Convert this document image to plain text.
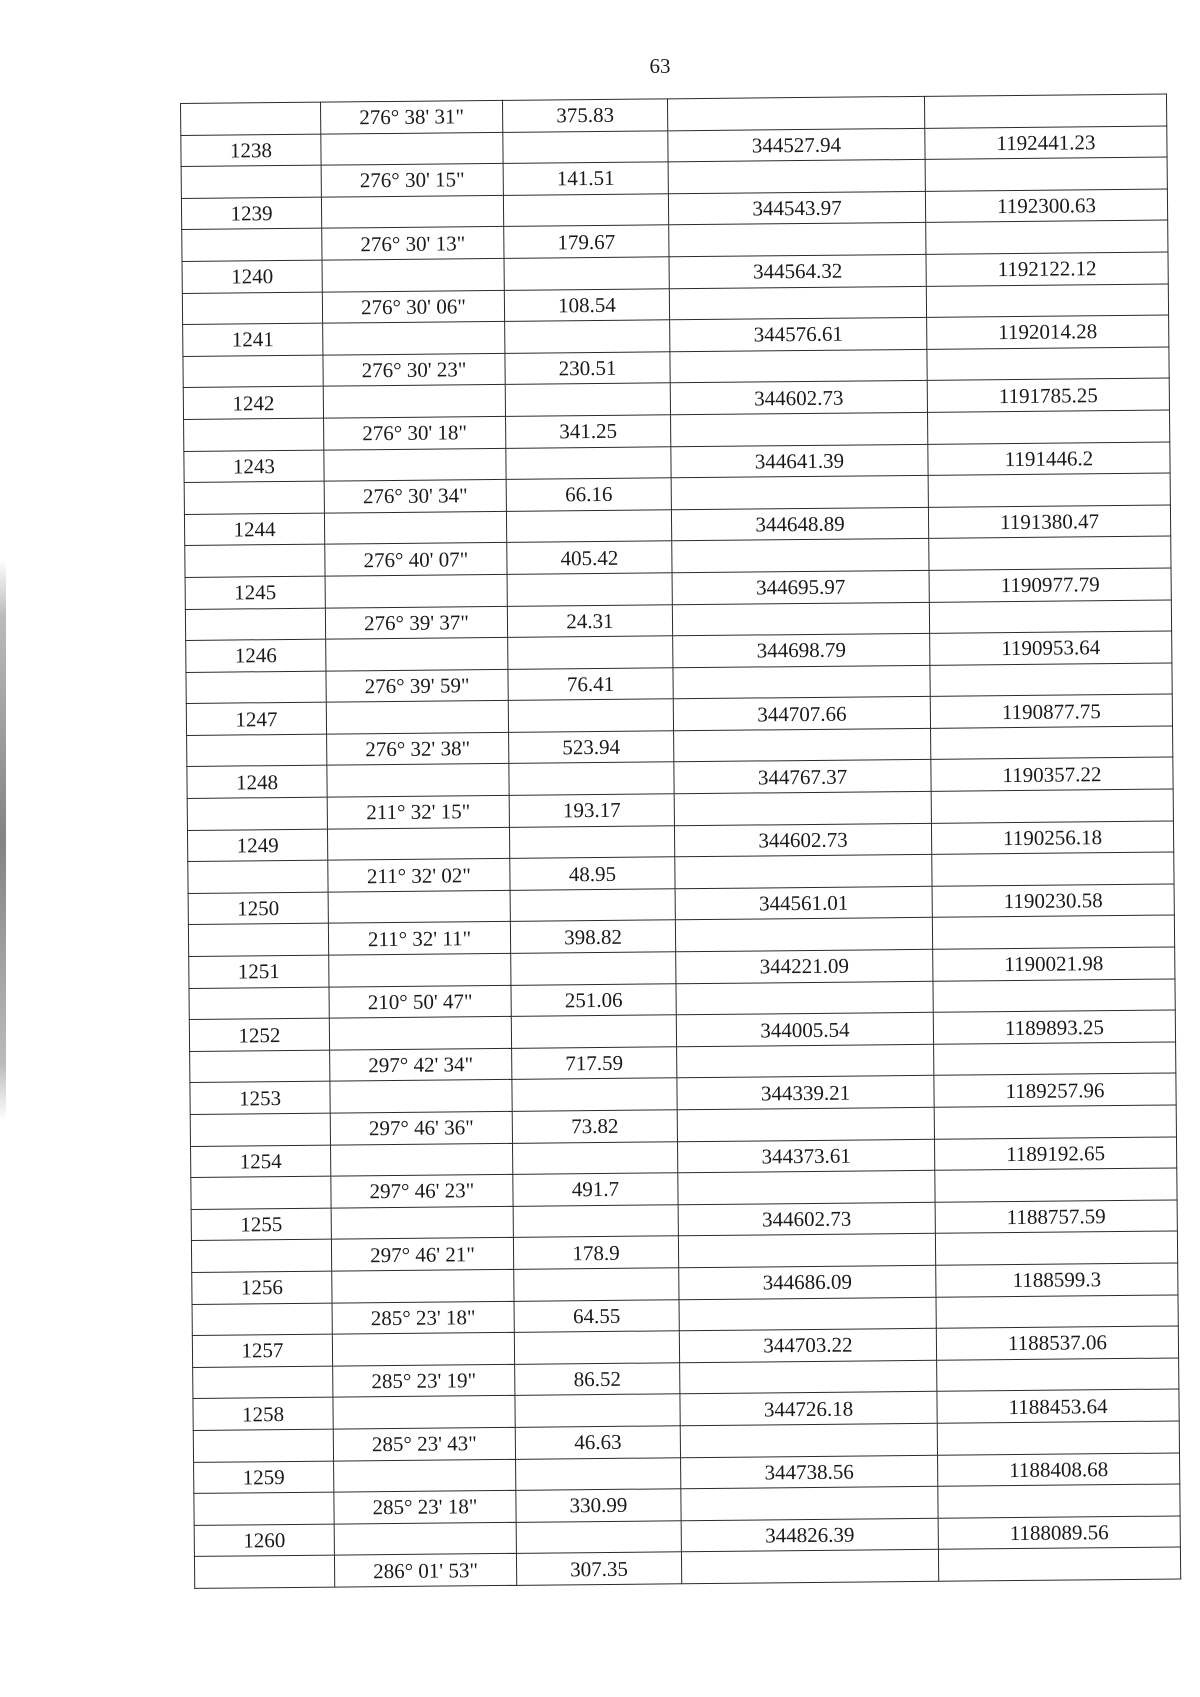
63
	276° 38' 31"	375.83		
1238			344527.94	1192441.23
	276° 30' 15"	141.51		
1239			344543.97	1192300.63
	276° 30' 13"	179.67		
1240			344564.32	1192122.12
	276° 30' 06"	108.54		
1241			344576.61	1192014.28
	276° 30' 23"	230.51		
1242			344602.73	1191785.25
	276° 30' 18"	341.25		
1243			344641.39	1191446.2
	276° 30' 34"	66.16		
1244			344648.89	1191380.47
	276° 40' 07"	405.42		
1245			344695.97	1190977.79
	276° 39' 37"	24.31		
1246			344698.79	1190953.64
	276° 39' 59"	76.41		
1247			344707.66	1190877.75
	276° 32' 38"	523.94		
1248			344767.37	1190357.22
	211° 32' 15"	193.17		
1249			344602.73	1190256.18
	211° 32' 02"	48.95		
1250			344561.01	1190230.58
	211° 32' 11"	398.82		
1251			344221.09	1190021.98
	210° 50' 47"	251.06		
1252			344005.54	1189893.25
	297° 42' 34"	717.59		
1253			344339.21	1189257.96
	297° 46' 36"	73.82		
1254			344373.61	1189192.65
	297° 46' 23"	491.7		
1255			344602.73	1188757.59
	297° 46' 21"	178.9		
1256			344686.09	1188599.3
	285° 23' 18"	64.55		
1257			344703.22	1188537.06
	285° 23' 19"	86.52		
1258			344726.18	1188453.64
	285° 23' 43"	46.63		
1259			344738.56	1188408.68
	285° 23' 18"	330.99		
1260			344826.39	1188089.56
	286° 01' 53"	307.35		
